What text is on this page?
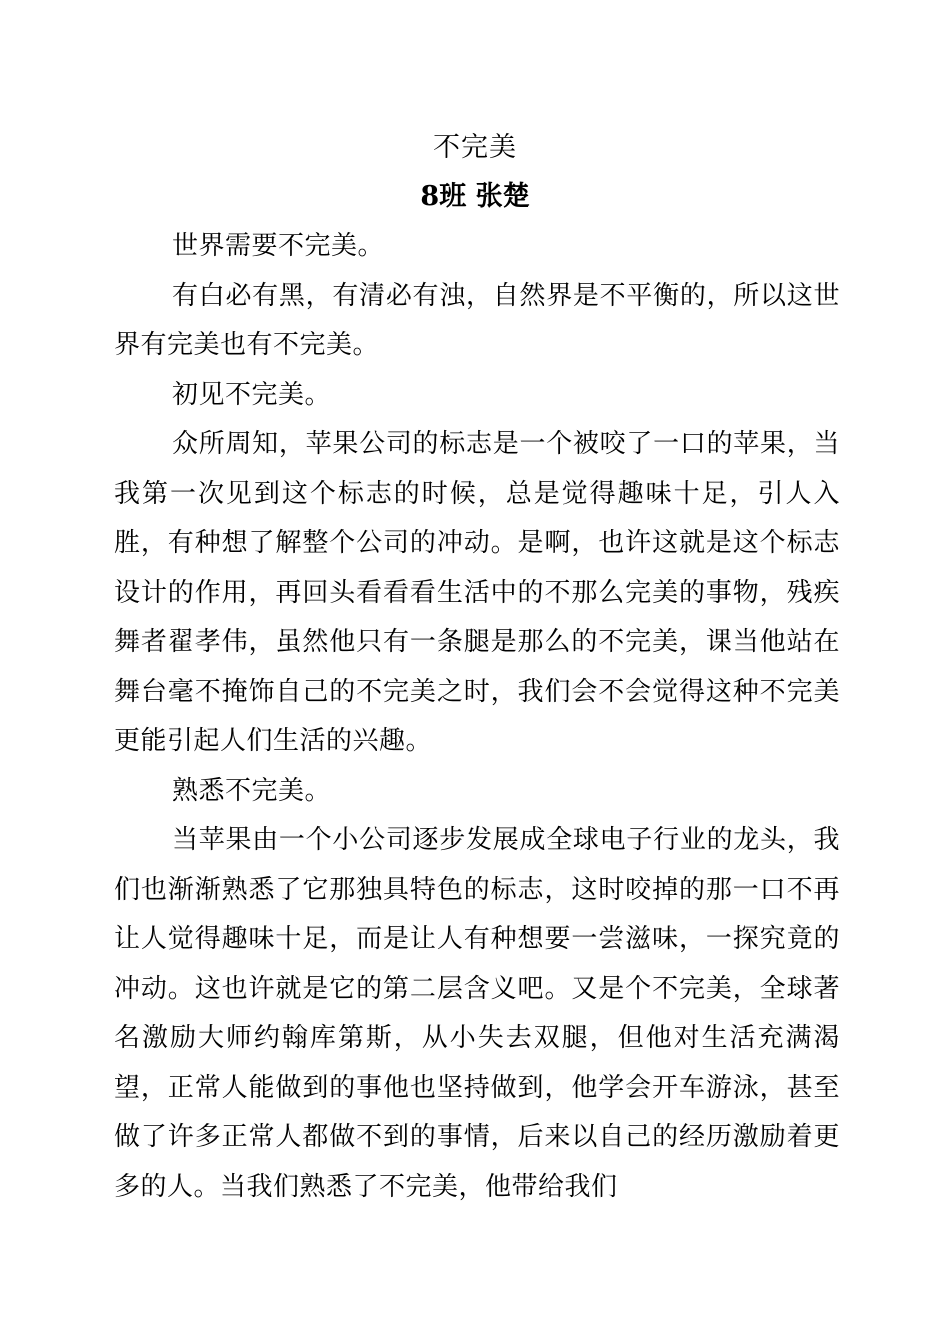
不完美
8班 张楚

世界需要不完美。

有白必有黑，有清必有浊，自然界是不平衡的，所以这世界有完美也有不完美。

初见不完美。

众所周知，苹果公司的标志是一个被咬了一口的苹果，当我第一次见到这个标志的时候，总是觉得趣味十足，引人入胜，有种想了解整个公司的冲动。是啊，也许这就是这个标志设计的作用，再回头看看看生活中的不那么完美的事物，残疾舞者翟孝伟，虽然他只有一条腿是那么的不完美，课当他站在舞台毫不掩饰自己的不完美之时，我们会不会觉得这种不完美更能引起人们生活的兴趣。

熟悉不完美。

当苹果由一个小公司逐步发展成全球电子行业的龙头，我们也渐渐熟悉了它那独具特色的标志，这时咬掉的那一口不再让人觉得趣味十足，而是让人有种想要一尝滋味，一探究竟的冲动。这也许就是它的第二层含义吧。又是个不完美，全球著名激励大师约翰库第斯，从小失去双腿，但他对生活充满渴望，正常人能做到的事他也坚持做到，他学会开车游泳，甚至做了许多正常人都做不到的事情，后来以自己的经历激励着更多的人。当我们熟悉了不完美，他带给我们
